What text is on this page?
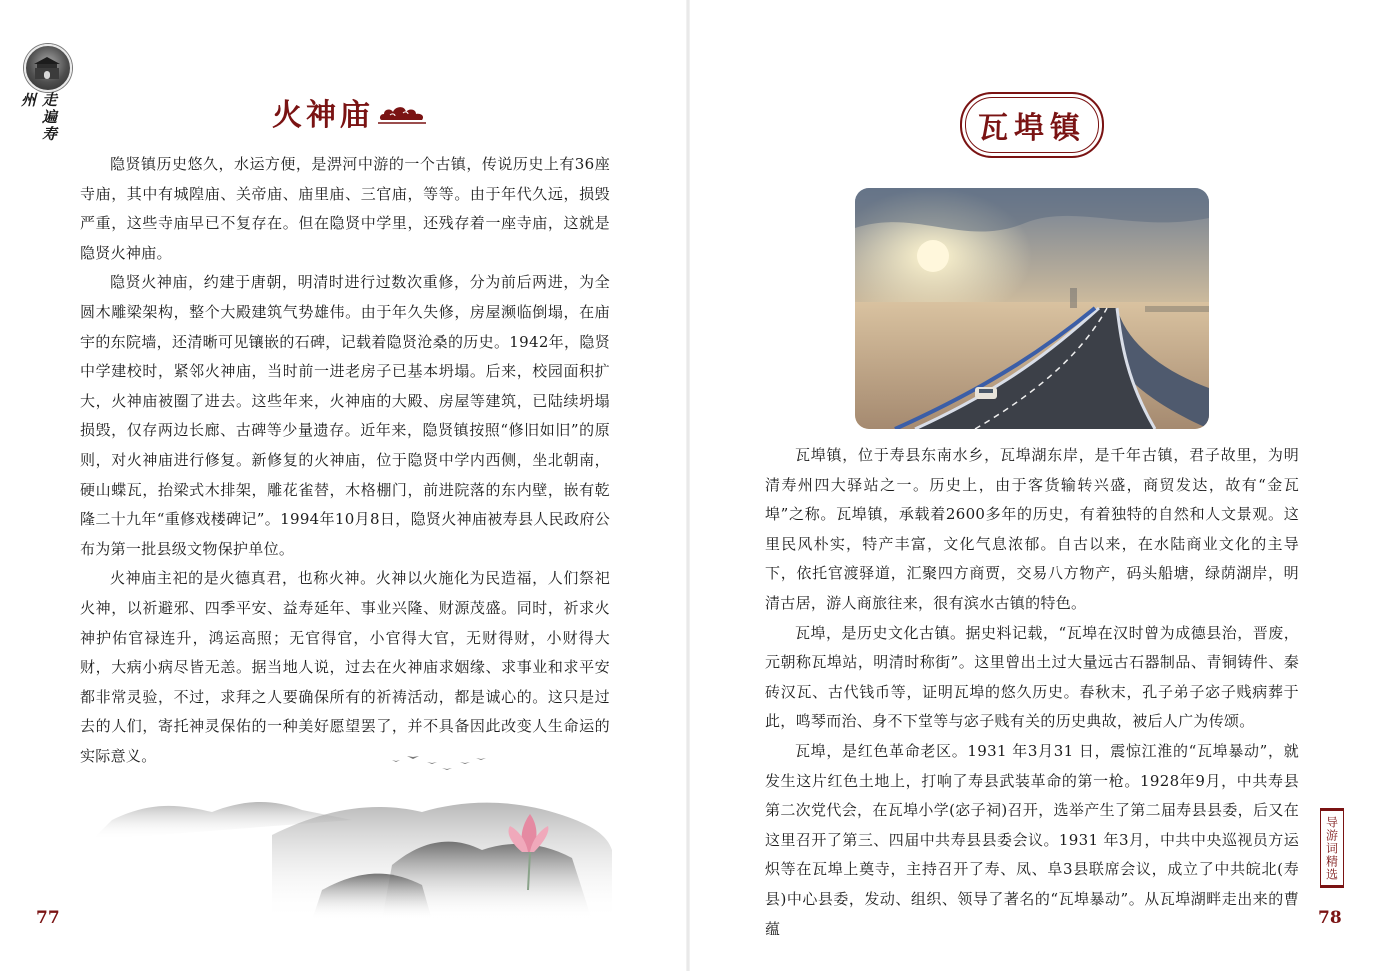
走遍寿州	火神庙

隐贤镇历史悠久，水运方便，是淠河中游的一个古镇，传说历史上有36座寺庙，其中有城隍庙、关帝庙、庙里庙、三官庙，等等。由于年代久远，损毁严重，这些寺庙早已不复存在。但在隐贤中学里，还残存着一座寺庙，这就是隐贤火神庙。

隐贤火神庙，约建于唐朝，明清时进行过数次重修，分为前后两进，为全圆木雕梁架构，整个大殿建筑气势雄伟。由于年久失修，房屋濒临倒塌，在庙宇的东院墙，还清晰可见镶嵌的石碑，记载着隐贤沧桑的历史。1942年，隐贤中学建校时，紧邻火神庙，当时前一进老房子已基本坍塌。后来，校园面积扩大，火神庙被圈了进去。这些年来，火神庙的大殿、房屋等建筑，已陆续坍塌损毁，仅存两边长廊、古碑等少量遗存。近年来，隐贤镇按照“修旧如旧”的原则，对火神庙进行修复。新修复的火神庙，位于隐贤中学内西侧，坐北朝南，硬山蝶瓦，抬梁式木排架，雕花雀替，木格棚门，前进院落的东内壁，嵌有乾隆二十九年“重修戏楼碑记”。1994年10月8日，隐贤火神庙被寿县人民政府公布为第一批县级文物保护单位。

火神庙主祀的是火德真君，也称火神。火神以火施化为民造福，人们祭祀火神，以祈避邪、四季平安、益寿延年、事业兴隆、财源茂盛。同时，祈求火神护佑官禄连升，鸿运高照；无官得官，小官得大官，无财得财，小财得大财，大病小病尽皆无恙。据当地人说，过去在火神庙求姻缘、求事业和求平安都非常灵验，不过，求拜之人要确保所有的祈祷活动，都是诚心的。这只是过去的人们，寄托神灵保佑的一种美好愿望罢了，并不具备因此改变人生命运的实际意义。

77
瓦埠镇

瓦埠镇，位于寿县东南水乡，瓦埠湖东岸，是千年古镇，君子故里，为明清寿州四大驿站之一。历史上，由于客货输转兴盛，商贸发达，故有“金瓦埠”之称。瓦埠镇，承载着2600多年的历史，有着独特的自然和人文景观。这里民风朴实，特产丰富，文化气息浓郁。自古以来，在水陆商业文化的主导下，依托官渡驿道，汇聚四方商贾，交易八方物产，码头船塘，绿荫湖岸，明清古居，游人商旅往来，很有滨水古镇的特色。

瓦埠，是历史文化古镇。据史料记载，“瓦埠在汉时曾为成德县治，晋废，元朝称瓦埠站，明清时称街”。这里曾出土过大量远古石器制品、青铜铸件、秦砖汉瓦、古代钱币等，证明瓦埠的悠久历史。春秋末，孔子弟子宓子贱病葬于此，鸣琴而治、身不下堂等与宓子贱有关的历史典故，被后人广为传颂。

瓦埠，是红色革命老区。1931 年3月31 日，震惊江淮的“瓦埠暴动”，就发生这片红色土地上，打响了寿县武装革命的第一枪。1928年9月，中共寿县第二次党代会，在瓦埠小学(宓子祠)召开，选举产生了第二届寿县县委，后又在这里召开了第三、四届中共寿县县委会议。1931 年3月，中共中央巡视员方运炽等在瓦埠上奠寺，主持召开了寿、凤、阜3县联席会议，成立了中共皖北(寿县)中心县委，发动、组织、领导了著名的“瓦埠暴动”。从瓦埠湖畔走出来的曹蕴

导游词精选
78
